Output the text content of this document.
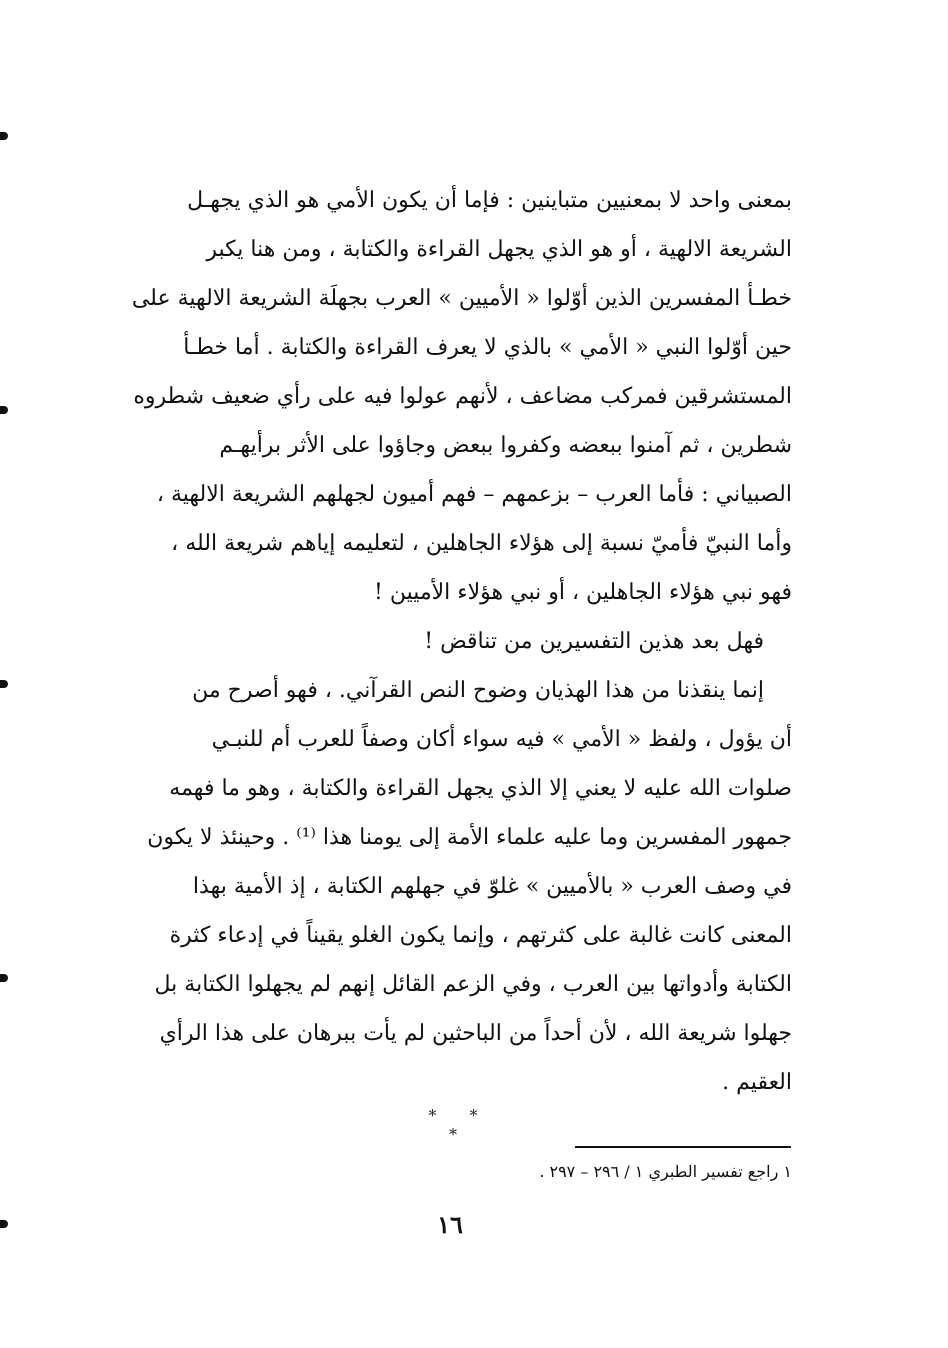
بمعنى واحد لا بمعنيين متباينين : فإما أن يكون الأمي هو الذي يجهـل
الشريعة الالهية ، أو هو الذي يجهل القراءة والكتابة ، ومن هنا يكبر
خطـأ المفسرين الذين أوّلوا « الأميين » العرب بجهلَة الشريعة الالهية على
حين أوّلوا النبي « الأمي » بالذي لا يعرف القراءة والكتابة . أما خطـأ
المستشرقين فمركب مضاعف ، لأنهم عولوا فيه على رأي ضعيف شطروه
شطرين ، ثم آمنوا ببعضه وكفروا ببعض وجاؤوا على الأثر برأيهـم
الصبياني : فأما العرب – بزعمهم – فهم أميون لجهلهم الشريعة الالهية ،
وأما النبيّ فأميّ نسبة إلى هؤلاء الجاهلين ، لتعليمه إياهم شريعة الله ،
فهو نبي هؤلاء الجاهلين ، أو نبي هؤلاء الأميين !
فهل بعد هذين التفسيرين من تناقض !
إنما ينقذنا من هذا الهذيان وضوح النص القرآني. ، فهو أصرح من
أن يؤول ، ولفظ « الأمي » فيه سواء أكان وصفاً للعرب أم للنبـي
صلوات الله عليه لا يعني إلا الذي يجهل القراءة والكتابة ، وهو ما فهمه
جمهور المفسرين وما عليه علماء الأمة إلى يومنا هذا ⁽¹⁾ . وحينئذ لا يكون
في وصف العرب « بالأميين » غلوّ في جهلهم الكتابة ، إذ الأمية بهذا
المعنى كانت غالبة على كثرتهم ، وإنما يكون الغلو يقيناً في إدعاء كثرة
الكتابة وأدواتها بين العرب ، وفي الزعم القائل إنهم لم يجهلوا الكتابة بل
جهلوا شريعة الله ، لأن أحداً من الباحثين لم يأت ببرهان على هذا الرأي
العقيم .
* * *
١ راجع تفسير الطبري ١ / ٢٩٦ – ٢٩٧ .
١٦
